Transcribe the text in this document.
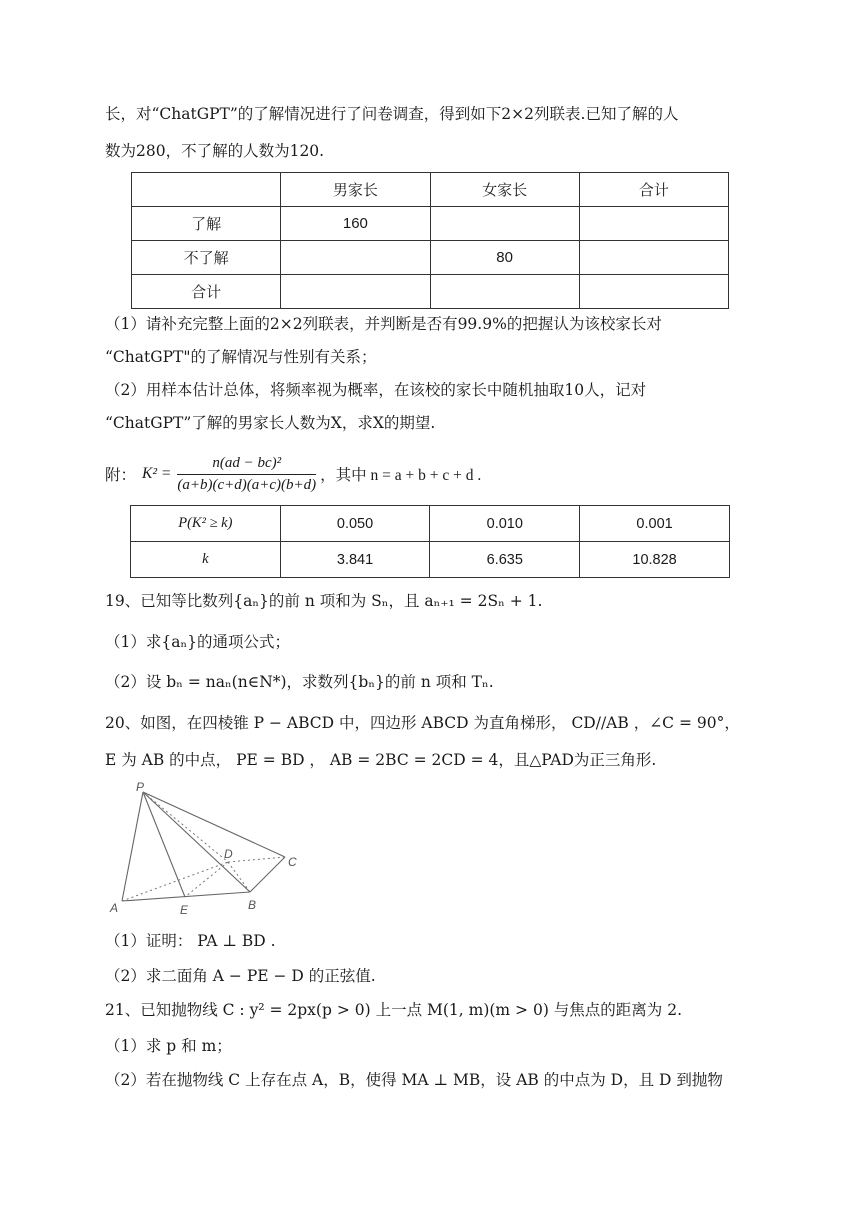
长，对“ChatGPT”的了解情况进行了问卷调查，得到如下2×2列联表.已知了解的人
数为280，不了解的人数为120.
	男家长	女家长	合计
了解	160		
不了解		80	
合计			
（1）请补充完整上面的2×2列联表，并判断是否有99.9%的把握认为该校家长对
“ChatGPT"的了解情况与性别有关系；
（2）用样本估计总体，将频率视为概率，在该校的家长中随机抽取10人，记对
“ChatGPT”了解的男家长人数为X，求X的期望.
附： $K^2 = \frac{\text{n(ad − bc)²}}{(a+b)(c+d)(a+c)(b+d)}$ ，其中 n = a + b + c + d .
P(K² ≥ k)	0.050	0.010	0.001
k	3.841	6.635	10.828
19、已知等比数列{aₙ}的前 n 项和为 Sₙ，且 aₙ₊₁ = 2Sₙ + 1.
（1）求{aₙ}的通项公式；
（2）设 bₙ = naₙ(n∈N*)，求数列{bₙ}的前 n 项和 Tₙ.
20、如图，在四棱锥 P − ABCD 中，四边形 ABCD 为直角梯形， CD//AB ，∠C = 90°，
E 为 AB 的中点， PE = BD ， AB = 2BC = 2CD = 4，且△PAD为正三角形.
P
A	E	B
C
D
（1）证明： PA ⊥ BD .
（2）求二面角 A − PE − D 的正弦值.
21、已知抛物线 C : y² = 2px(p > 0) 上一点 M(1, m)(m > 0) 与焦点的距离为 2.
（1）求 p 和 m；
（2）若在抛物线 C 上存在点 A，B，使得 MA ⊥ MB，设 AB 的中点为 D，且 D 到抛物
